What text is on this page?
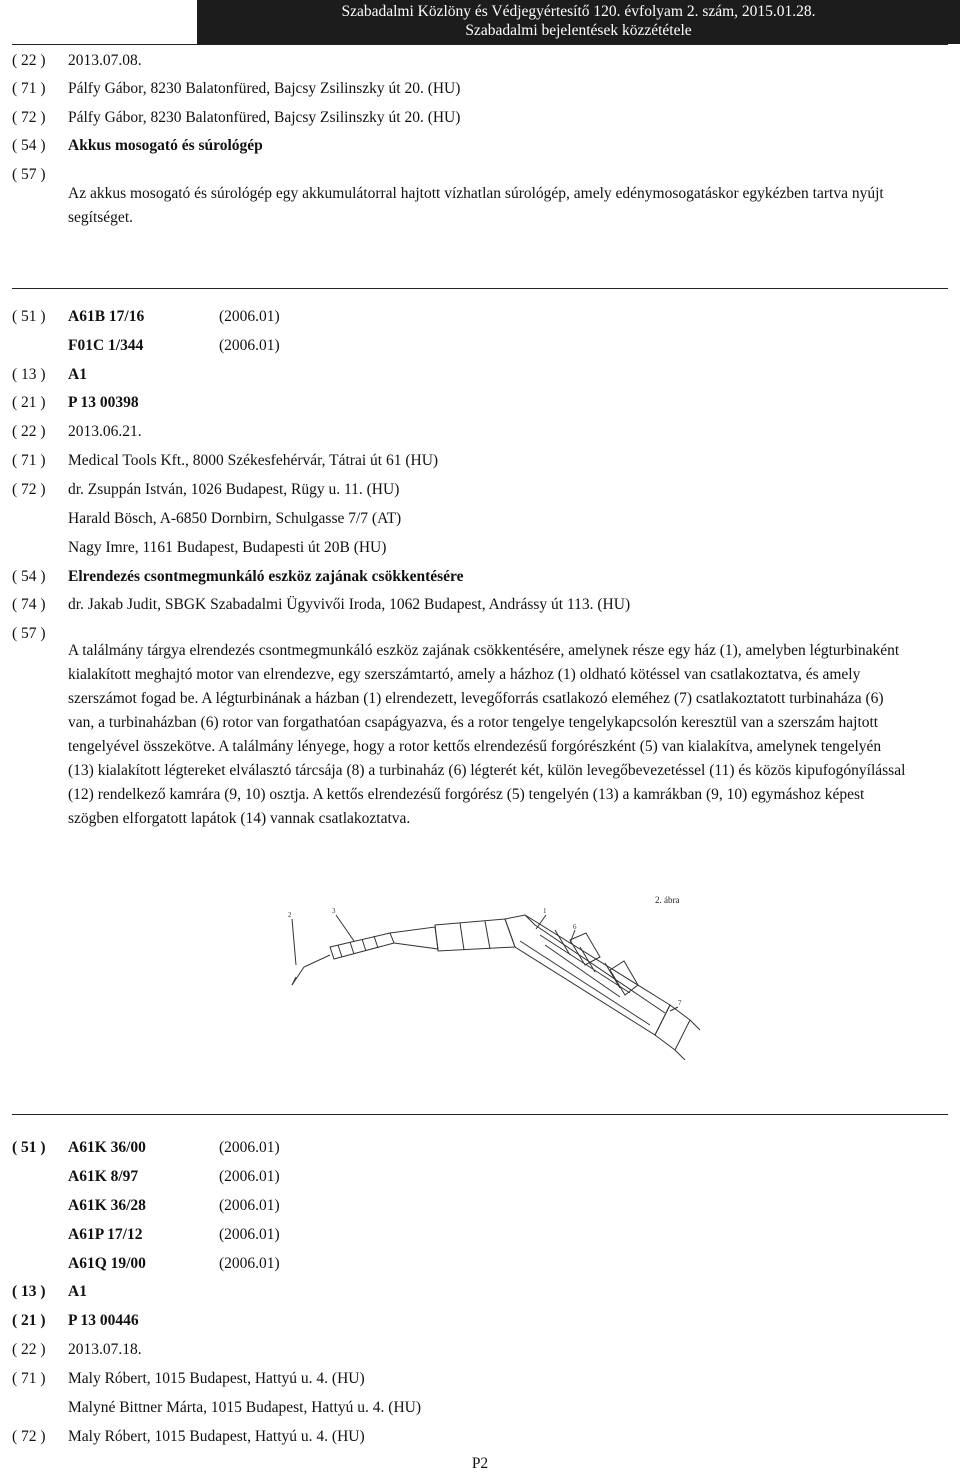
Szabadalmi Közlöny és Védjegyértesítő 120. évfolyam 2. szám, 2015.01.28.
Szabadalmi bejelentések közzététele
( 22 )	2013.07.08.
( 71 )	Pálfy Gábor, 8230 Balatonfüred, Bajcsy Zsilinszky út 20. (HU)
( 72 )	Pálfy Gábor, 8230 Balatonfüred, Bajcsy Zsilinszky út 20. (HU)
( 54 )	Akkus mosogató és súrológép
( 57 )
Az akkus mosogató és súrológép egy akkumulátorral hajtott vízhatlan súrológép, amely edénymosogatáskor egykézben tartva nyújt segítséget.
( 51 )	A61B 17/16	(2006.01)
F01C 1/344	(2006.01)
( 13 )	A1
( 21 )	P 13 00398
( 22 )	2013.06.21.
( 71 )	Medical Tools Kft., 8000 Székesfehérvár, Tátrai út 61 (HU)
( 72 )	dr. Zsuppán István, 1026 Budapest, Rügy u. 11. (HU)
Harald Bösch, A-6850 Dornbirn, Schulgasse 7/7 (AT)
Nagy Imre, 1161 Budapest, Budapesti út 20B (HU)
( 54 )	Elrendezés csontmegmunkáló eszköz zajának csökkentésére
( 74 )	dr. Jakab Judit, SBGK Szabadalmi Ügyvivői Iroda, 1062 Budapest, Andrássy út 113. (HU)
( 57 )
A találmány tárgya elrendezés csontmegmunkáló eszköz zajának csökkentésére, amelynek része egy ház (1), amelyben légturbinaként kialakított meghajtó motor van elrendezve, egy szerszámtartó, amely a házhoz (1) oldható kötéssel van csatlakoztatva, és amely szerszámot fogad be. A légturbinának a házban (1) elrendezett, levegőforrás csatlakozó eleméhez (7) csatlakoztatott turbinaháza (6) van, a turbinaházban (6) rotor van forgathatóan csapágyazva, és a rotor tengelye tengelykapcsolón keresztül van a szerszám hajtott tengelyével összekötve. A találmány lényege, hogy a rotor kettős elrendezésű forgórészként (5) van kialakítva, amelynek tengelyén (13) kialakított légtereket elválasztó tárcsája (8) a turbinaház (6) légterét két, külön levegőbevezetéssel (11) és közös kipufogónyílással (12) rendelkező kamrára (9, 10) osztja. A kettős elrendezésű forgórész (5) tengelyén (13) a kamrákban (9, 10) egymáshoz képest szögben elforgatott lapátok (14) vannak csatlakoztatva.
2	3	1
6
7
2. ábra
( 51 )	A61K 36/00	(2006.01)
A61K 8/97	(2006.01)
A61K 36/28	(2006.01)
A61P 17/12	(2006.01)
A61Q 19/00	(2006.01)
( 13 )	A1
( 21 )	P 13 00446
( 22 )	2013.07.18.
( 71 )	Maly Róbert, 1015 Budapest, Hattyú u. 4. (HU)
Malyné Bittner Márta, 1015 Budapest, Hattyú u. 4. (HU)
( 72 )	Maly Róbert, 1015 Budapest, Hattyú u. 4. (HU)
P2
